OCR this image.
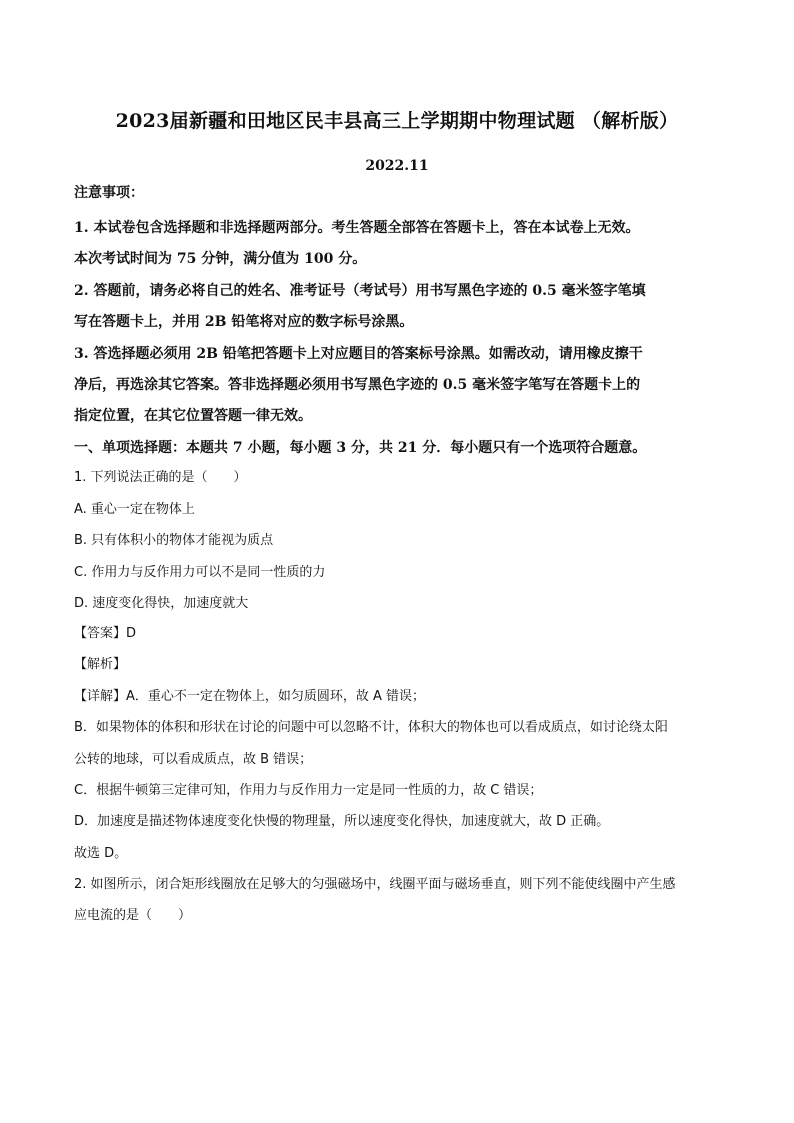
2023届新疆和田地区民丰县高三上学期期中物理试题 （解析版）
2022.11
注意事项：
1. 本试卷包含选择题和非选择题两部分。考生答题全部答在答题卡上，答在本试卷上无效。
本次考试时间为 75 分钟，满分值为 100 分。
2. 答题前，请务必将自己的姓名、准考证号（考试号）用书写黑色字迹的 0.5 毫米签字笔填
写在答题卡上，并用 2B 铅笔将对应的数字标号涂黑。
3. 答选择题必须用 2B 铅笔把答题卡上对应题目的答案标号涂黑。如需改动，请用橡皮擦干
净后，再选涂其它答案。答非选择题必须用书写黑色字迹的 0.5 毫米签字笔写在答题卡上的
指定位置，在其它位置答题一律无效。
一、单项选择题：本题共 7 小题，每小题 3 分，共 21 分．每小题只有一个选项符合题意。
1. 下列说法正确的是（　　）
A. 重心一定在物体上
B. 只有体积小的物体才能视为质点
C. 作用力与反作用力可以不是同一性质的力
D. 速度变化得快，加速度就大
【答案】D
【解析】
【详解】A．重心不一定在物体上，如匀质圆环，故 A 错误；
B．如果物体的体积和形状在讨论的问题中可以忽略不计，体积大的物体也可以看成质点，如讨论绕太阳
公转的地球，可以看成质点，故 B 错误；
C．根据牛顿第三定律可知，作用力与反作用力一定是同一性质的力，故 C 错误；
D．加速度是描述物体速度变化快慢的物理量，所以速度变化得快，加速度就大，故 D 正确。
故选 D。
2. 如图所示，闭合矩形线圈放在足够大的匀强磁场中，线圈平面与磁场垂直，则下列不能使线圈中产生感
应电流的是（　　）
